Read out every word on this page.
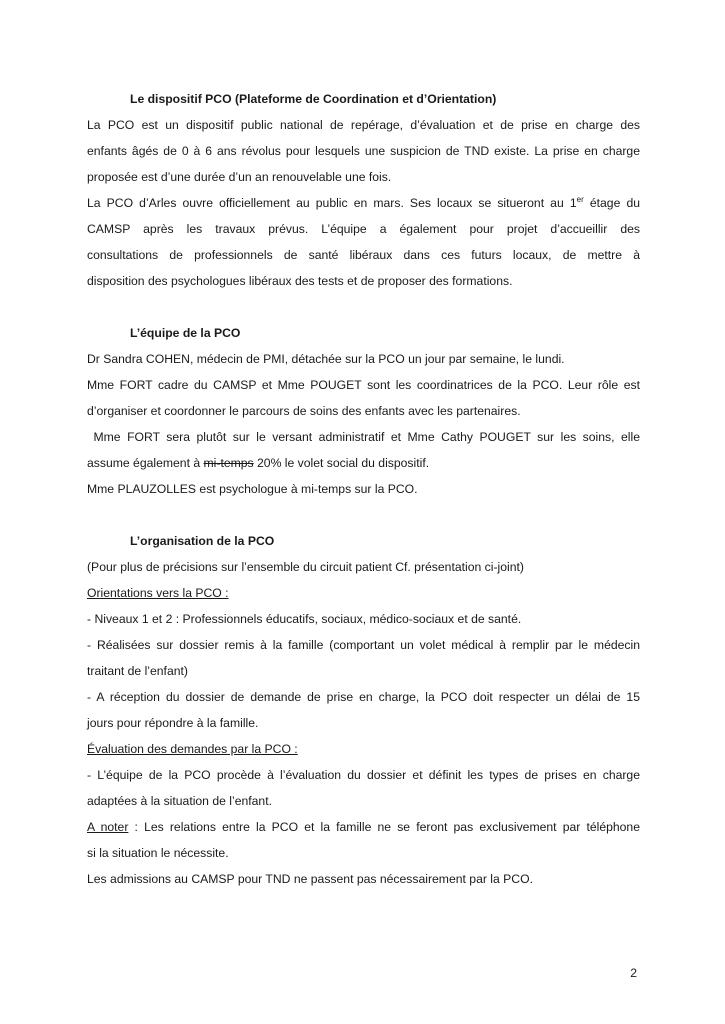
Le dispositif PCO (Plateforme de Coordination et d’Orientation)

La PCO est un dispositif public national de repérage, d’évaluation et de prise en charge des

enfants âgés de 0 à 6 ans révolus pour lesquels une suspicion de TND existe. La prise en charge

proposée est d’une durée d’un an renouvelable une fois.

La PCO d’Arles ouvre officiellement au public en mars. Ses locaux se situeront au 1er étage du

CAMSP après les travaux prévus. L’équipe a également pour projet d’accueillir des

consultations de professionnels de santé libéraux dans ces futurs locaux, de mettre à

disposition des psychologues libéraux des tests et de proposer des formations.

L’équipe de la PCO

Dr Sandra COHEN, médecin de PMI, détachée sur la PCO un jour par semaine, le lundi.

Mme FORT cadre du CAMSP et Mme POUGET sont les coordinatrices de la PCO. Leur rôle est

d’organiser et coordonner le parcours de soins des enfants avec les partenaires.

Mme FORT sera plutôt sur le versant administratif et Mme Cathy POUGET sur les soins, elle

assume également à mi-temps 20% le volet social du dispositif.

Mme PLAUZOLLES est psychologue à mi-temps sur la PCO.

L’organisation de la PCO

(Pour plus de précisions sur l’ensemble du circuit patient Cf. présentation ci-joint)

Orientations vers la PCO :

- Niveaux 1 et 2 : Professionnels éducatifs, sociaux, médico-sociaux et de santé.

- Réalisées sur dossier remis à la famille (comportant un volet médical à remplir par le médecin

traitant de l’enfant)

- A réception du dossier de demande de prise en charge, la PCO doit respecter un délai de 15

jours pour répondre à la famille.

Évaluation des demandes par la PCO :

- L’équipe de la PCO procède à l’évaluation du dossier et définit les types de prises en charge

adaptées à la situation de l’enfant.

A noter : Les relations entre la PCO et la famille ne se feront pas exclusivement par téléphone

si la situation le nécessite.

Les admissions au CAMSP pour TND ne passent pas nécessairement par la PCO.

2
